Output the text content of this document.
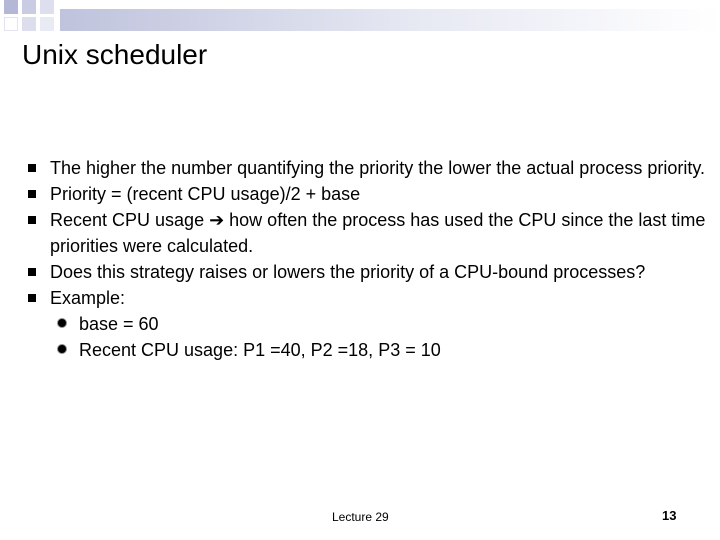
Unix scheduler
The higher the number quantifying the priority the lower the actual process priority.
Priority = (recent CPU usage)/2 + base
Recent CPU usage ➔ how often the process has used the CPU since the last time priorities were calculated.
Does this strategy raises or lowers the priority of a CPU-bound processes?
Example:
base = 60
Recent CPU usage: P1 =40, P2 =18, P3 = 10
Lecture 29	13
